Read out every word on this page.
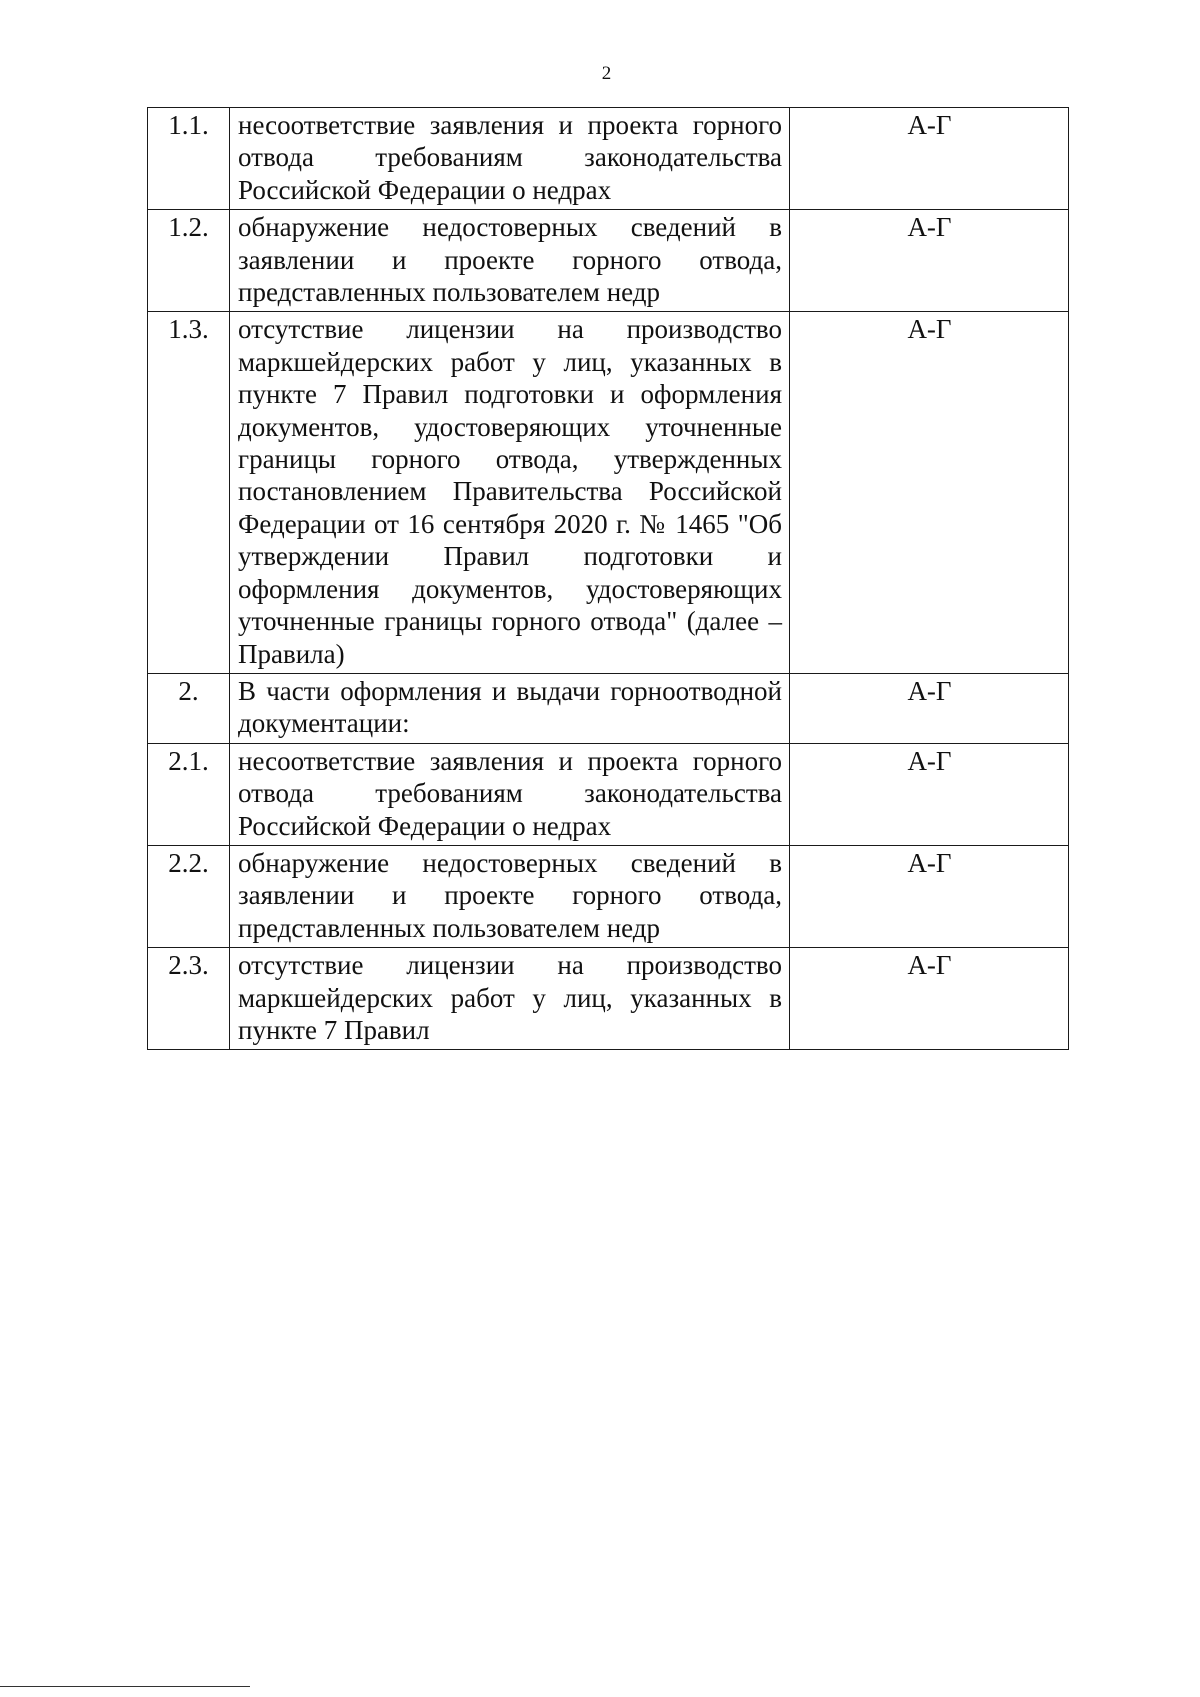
2
1.1.	несоответствие заявления и проекта горного отвода требованиям законодательства Российской Федерации о недрах	А-Г
1.2.	обнаружение недостоверных сведений в заявлении и проекте горного отвода, представленных пользователем недр	А-Г
1.3.	отсутствие лицензии на производство маркшейдерских работ у лиц, указанных в пункте 7 Правил подготовки и оформления документов, удостоверяющих уточненные границы горного отвода, утвержденных постановлением Правительства Российской Федерации от 16 сентября 2020 г. № 1465 "Об утверждении Правил подготовки и оформления документов, удостоверяющих уточненные границы горного отвода" (далее – Правила)	А-Г
2.	В части оформления и выдачи горноотводной документации:	А-Г
2.1.	несоответствие заявления и проекта горного отвода требованиям законодательства Российской Федерации о недрах	А-Г
2.2.	обнаружение недостоверных сведений в заявлении и проекте горного отвода, представленных пользователем недр	А-Г
2.3.	отсутствие лицензии на производство маркшейдерских работ у лиц, указанных в пункте 7 Правил	А-Г
